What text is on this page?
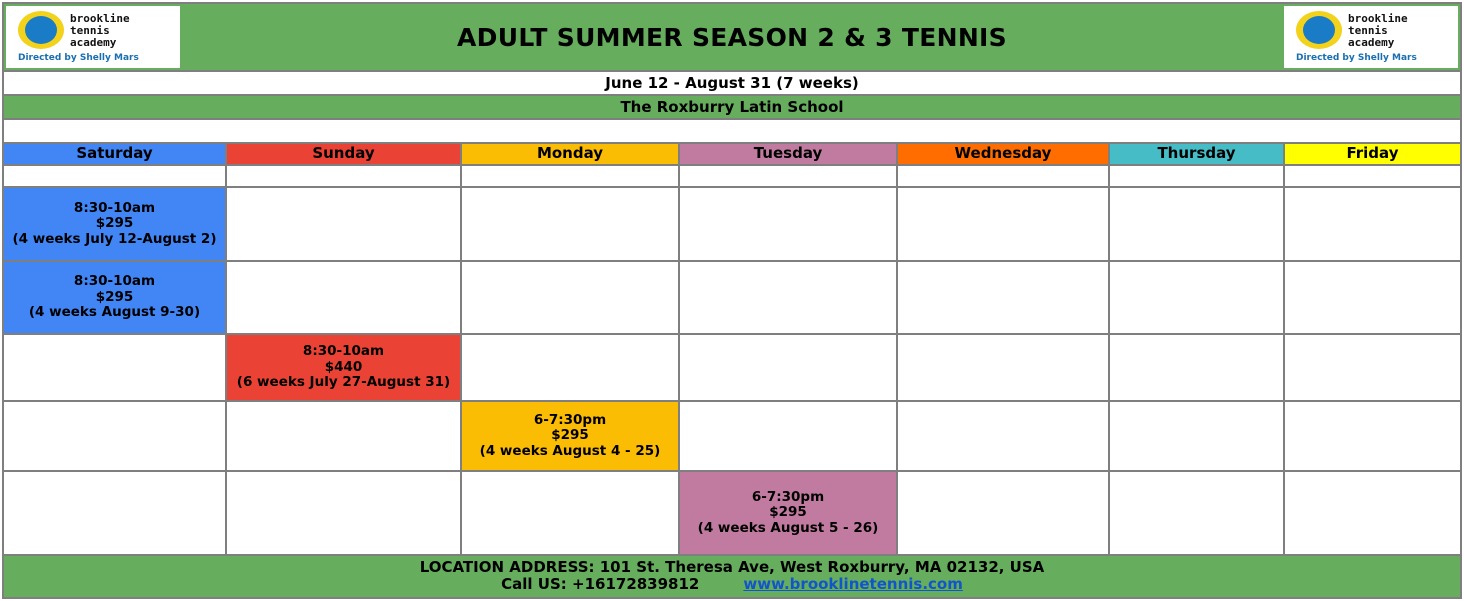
brookline
tennis
academy
Directed by Shelly Mars
ADULT SUMMER SEASON 2 & 3 TENNIS
brookline
tennis
academy
Directed by Shelly Mars
June 12 - August 31 (7 weeks)
The Roxburry Latin School
Saturday	Sunday	Monday	Tuesday	Wednesday	Thursday	Friday

8:30-10am
$295
(4 weeks July 12-August 2)						

8:30-10am
$295
(4 weeks August 9-30)						

	8:30-10am
$440
(6 weeks July 27-August 31)					

		6-7:30pm
$295
(4 weeks August 4 - 25)				

			6-7:30pm
$295
(4 weeks August 5 - 26)			

LOCATION ADDRESS: 101 St. Theresa Ave, West Roxburry, MA 02132, USA
Call US: +16172839812	www.brooklinetennis.com
